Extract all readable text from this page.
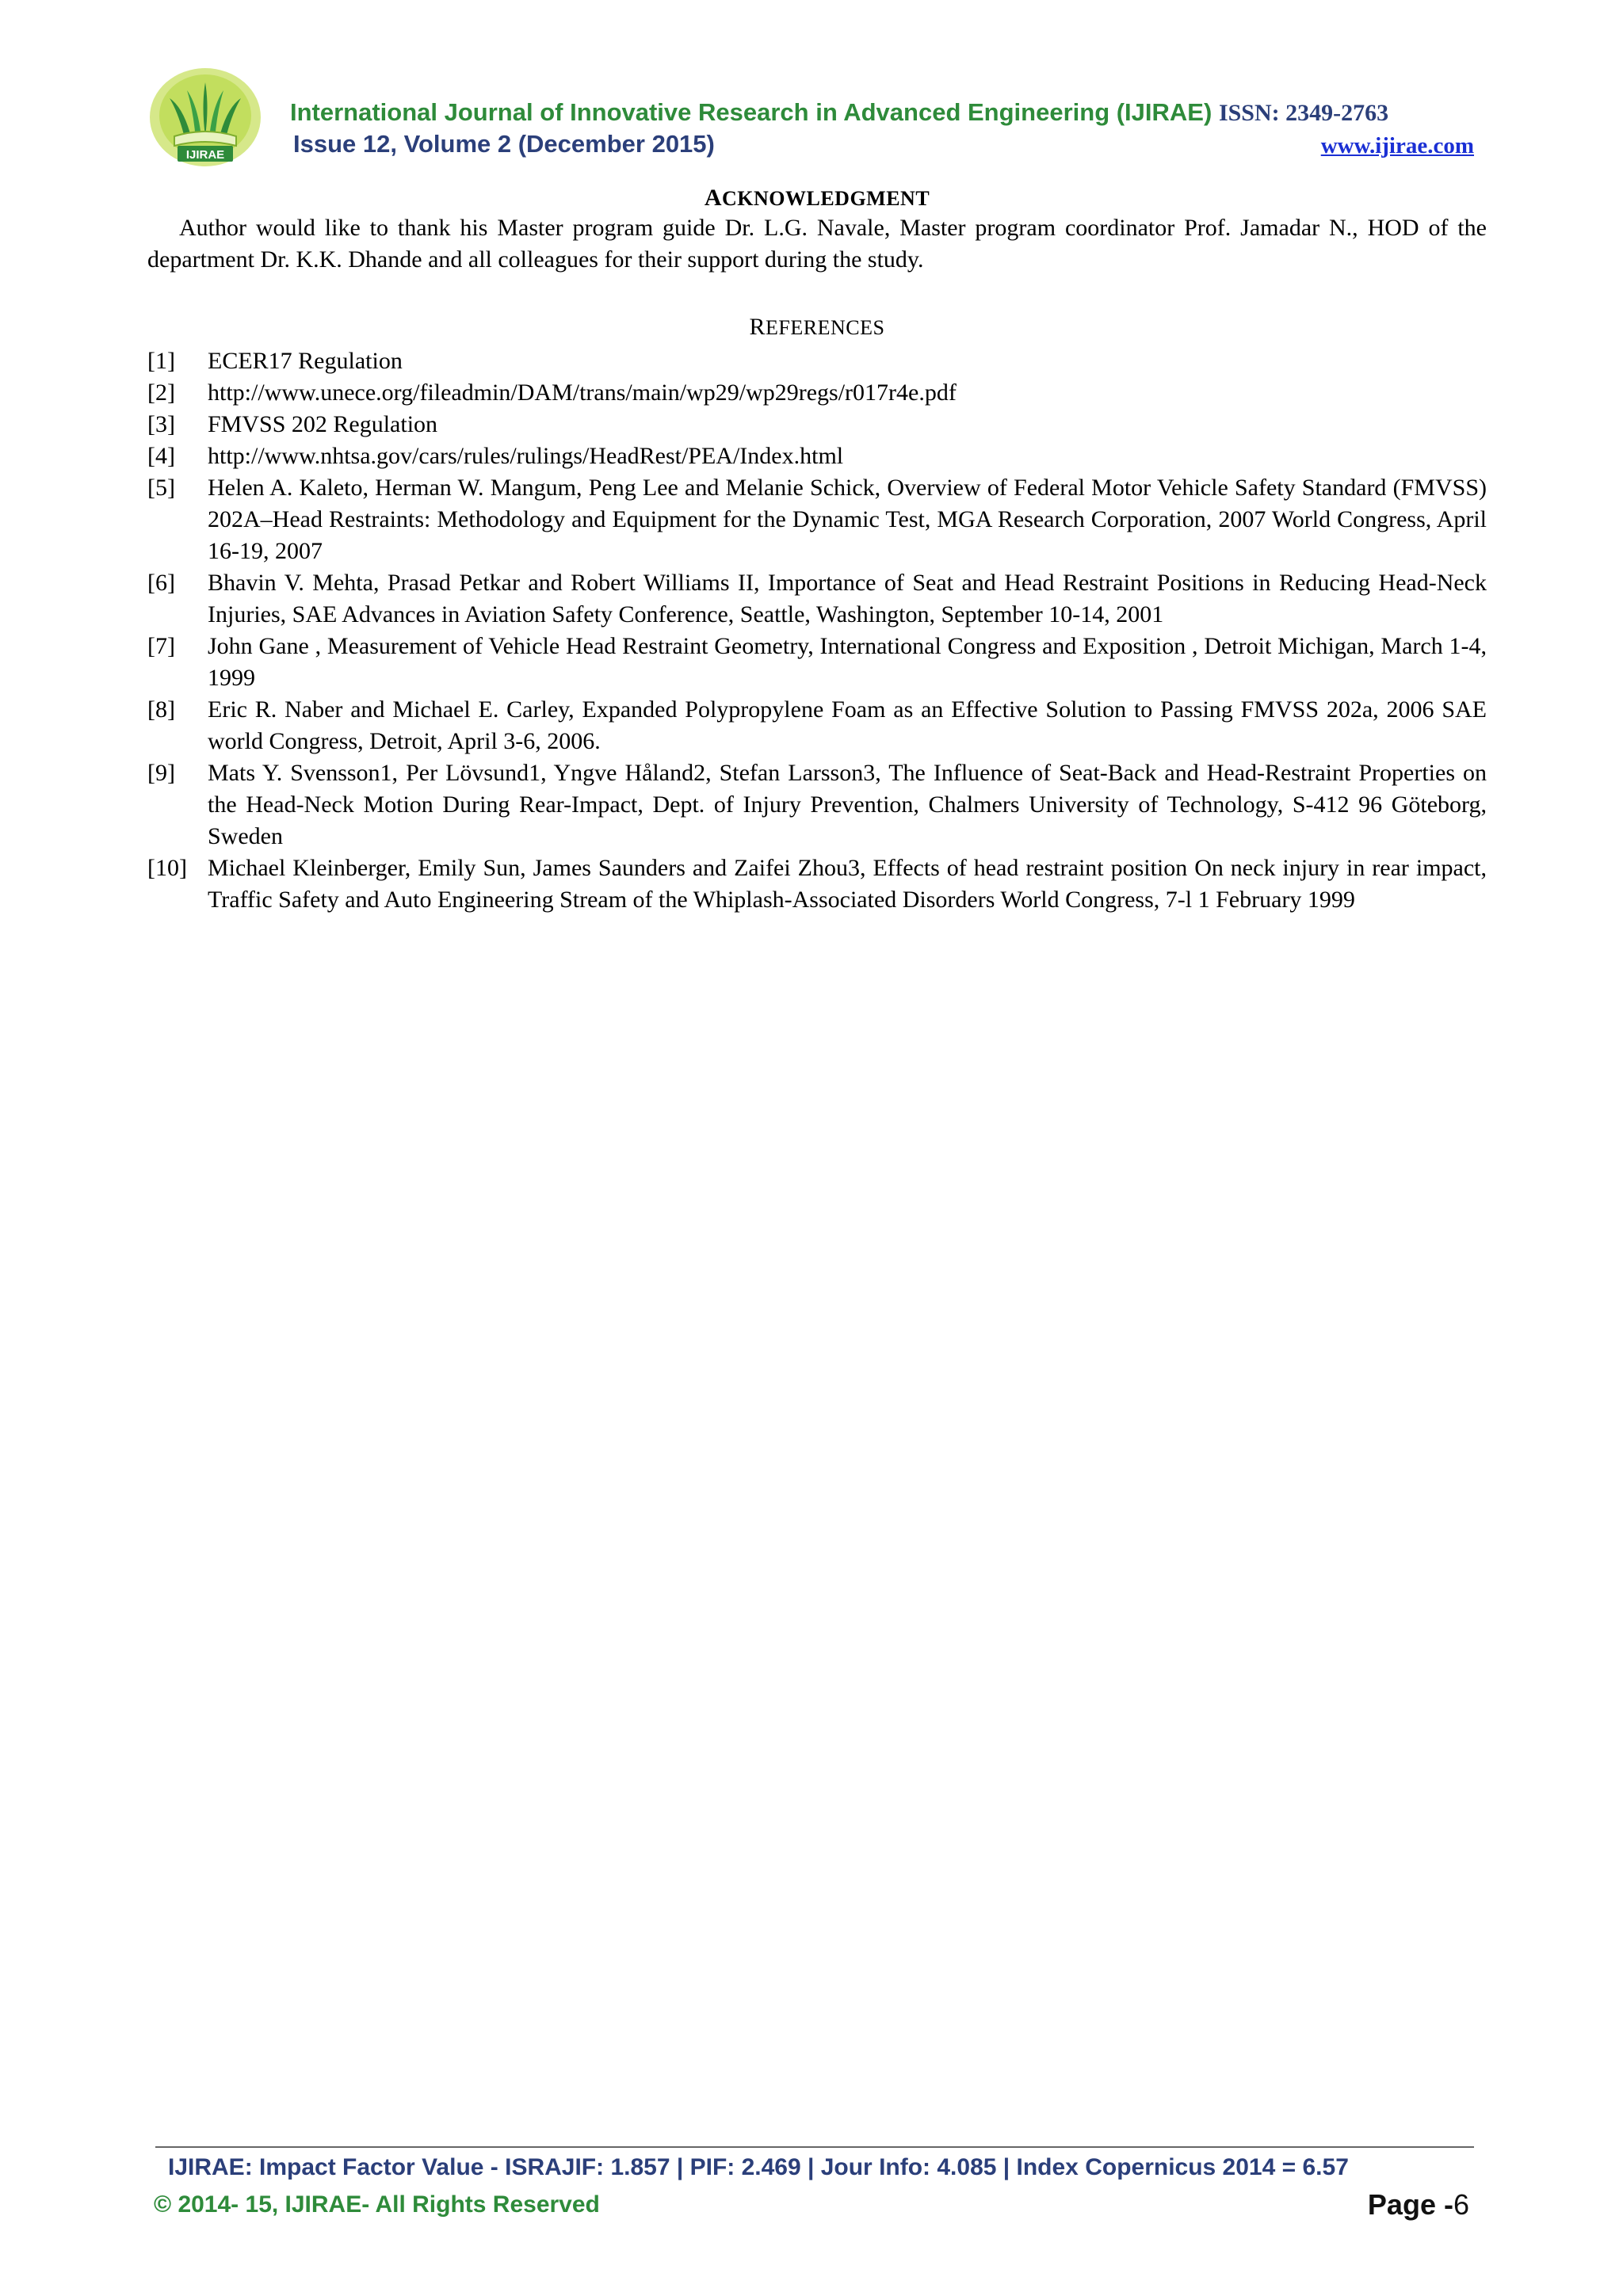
IJIRAE
International Journal of Innovative Research in Advanced Engineering (IJIRAE) ISSN: 2349-2763
Issue 12, Volume 2 (December 2015)	www.ijirae.com
ACKNOWLEDGMENT

Author would like to thank his Master program guide Dr. L.G. Navale, Master program coordinator Prof. Jamadar N., HOD of the department Dr. K.K. Dhande and all colleagues for their support during the study.

REFERENCES
[1] ECER17 Regulation
[2] http://www.unece.org/fileadmin/DAM/trans/main/wp29/wp29regs/r017r4e.pdf
[3] FMVSS 202 Regulation
[4] http://www.nhtsa.gov/cars/rules/rulings/HeadRest/PEA/Index.html
[5] Helen A. Kaleto, Herman W. Mangum, Peng Lee and Melanie Schick, Overview of Federal Motor Vehicle Safety Standard (FMVSS) 202A–Head Restraints: Methodology and Equipment for the Dynamic Test, MGA Research Corporation, 2007 World Congress, April 16-19, 2007
[6] Bhavin V. Mehta, Prasad Petkar and Robert Williams II, Importance of Seat and Head Restraint Positions in Reducing Head-Neck Injuries, SAE Advances in Aviation Safety Conference, Seattle, Washington, September 10-14, 2001
[7] John Gane , Measurement of Vehicle Head Restraint Geometry, International Congress and Exposition , Detroit Michigan, March 1-4, 1999
[8] Eric R. Naber and Michael E. Carley, Expanded Polypropylene Foam as an Effective Solution to Passing FMVSS 202a, 2006 SAE world Congress, Detroit, April 3-6, 2006.
[9] Mats Y. Svensson1, Per Lövsund1, Yngve Håland2, Stefan Larsson3, The Influence of Seat-Back and Head-Restraint Properties on the Head-Neck Motion During Rear-Impact, Dept. of Injury Prevention, Chalmers University of Technology, S-412 96 Göteborg, Sweden
[10] Michael Kleinberger, Emily Sun, James Saunders and Zaifei Zhou3, Effects of head restraint position On neck injury in rear impact, Traffic Safety and Auto Engineering Stream of the Whiplash-Associated Disorders World Congress, 7-l 1 February 1999
IJIRAE: Impact Factor Value - ISRAJIF: 1.857 | PIF: 2.469 | Jour Info: 4.085 | Index Copernicus 2014 = 6.57
© 2014- 15, IJIRAE- All Rights Reserved	Page -6
